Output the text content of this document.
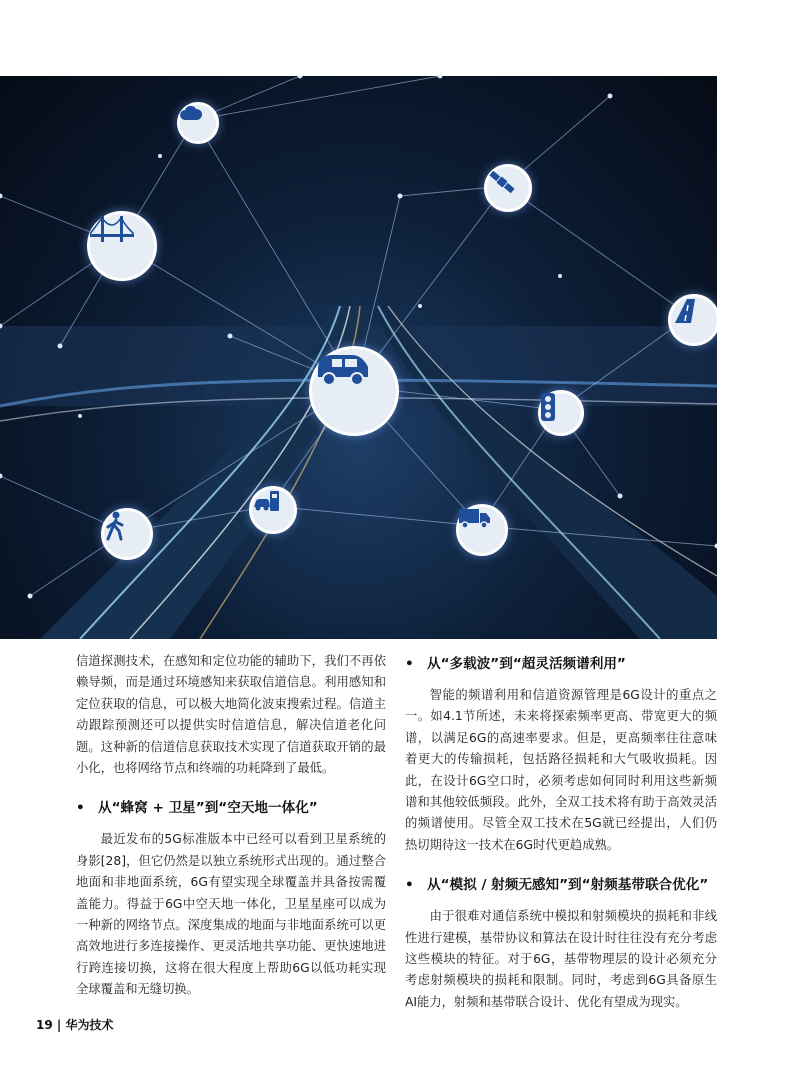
信道探测技术，在感知和定位功能的辅助下，我们不再依赖导频，而是通过环境感知来获取信道信息。利用感知和定位获取的信息，可以极大地简化波束搜索过程。信道主动跟踪预测还可以提供实时信道信息，解决信道老化问题。这种新的信道信息获取技术实现了信道获取开销的最小化，也将网络节点和终端的功耗降到了最低。

• 从“蜂窝 + 卫星”到“空天地一体化”

最近发布的5G标准版本中已经可以看到卫星系统的身影[28]，但它仍然是以独立系统形式出现的。通过整合地面和非地面系统，6G有望实现全球覆盖并具备按需覆盖能力。得益于6G中空天地一体化，卫星星座可以成为一种新的网络节点。深度集成的地面与非地面系统可以更高效地进行多连接操作、更灵活地共享功能、更快速地进行跨连接切换，这将在很大程度上帮助6G以低功耗实现全球覆盖和无缝切换。

• 从“多载波”到“超灵活频谱利用”

智能的频谱利用和信道资源管理是6G设计的重点之一。如4.1节所述，未来将探索频率更高、带宽更大的频谱，以满足6G的高速率要求。但是，更高频率往往意味着更大的传输损耗，包括路径损耗和大气吸收损耗。因此，在设计6G空口时，必须考虑如何同时利用这些新频谱和其他较低频段。此外，全双工技术将有助于高效灵活的频谱使用。尽管全双工技术在5G就已经提出，人们仍热切期待这一技术在6G时代更趋成熟。

• 从“模拟 / 射频无感知”到“射频基带联合优化”

由于很难对通信系统中模拟和射频模块的损耗和非线性进行建模，基带协议和算法在设计时往往没有充分考虑这些模块的特征。对于6G，基带物理层的设计必须充分考虑射频模块的损耗和限制。同时，考虑到6G具备原生AI能力，射频和基带联合设计、优化有望成为现实。

19 | 华为技术
